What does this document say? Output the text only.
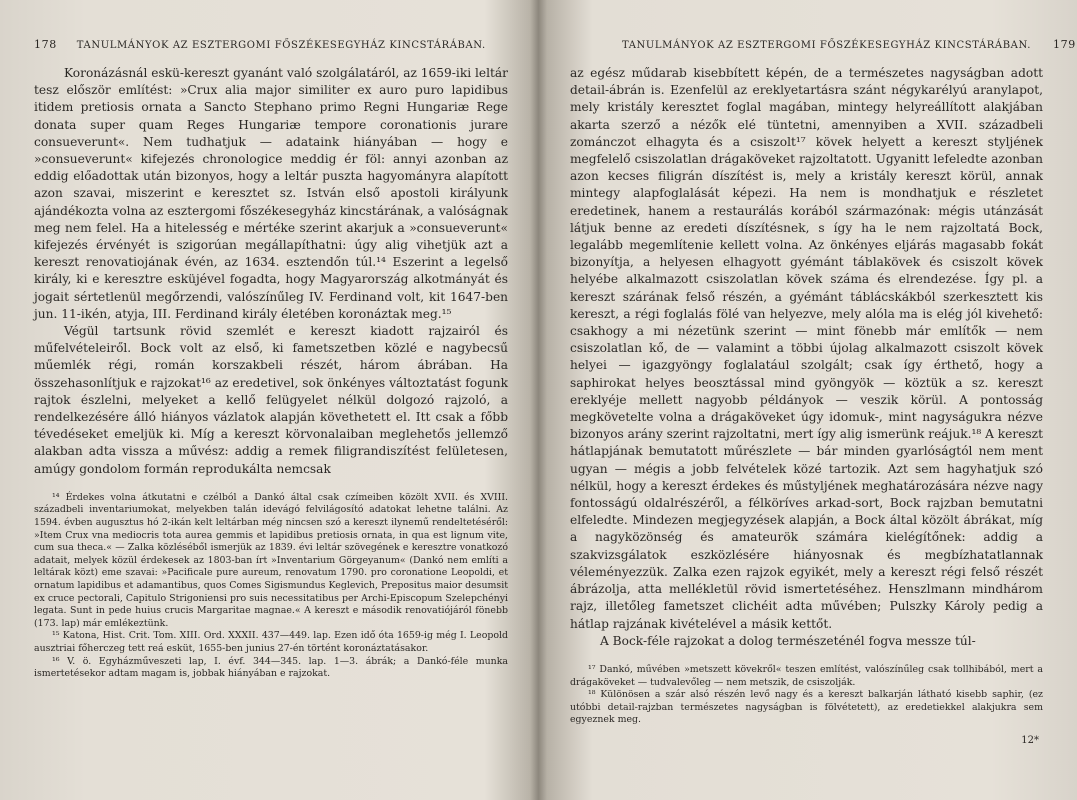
178 TANULMÁNYOK AZ ESZTERGOMI FŐSZÉKESEGYHÁZ KINCSTÁRÁBAN.

Koronázásnál eskü-kereszt gyanánt való szolgálatáról, az 1659-iki leltár tesz először említést: »Crux alia major similiter ex auro puro lapidibus itidem pretiosis ornata a Sancto Stephano primo Regni Hungariæ Rege donata super quam Reges Hungariæ tempore coronationis jurare consueverunt«. Nem tudhatjuk — adataink hiányában — hogy e »consueverunt« kifejezés chronologice meddig ér föl: annyi azonban az eddig előadottak után bizonyos, hogy a leltár puszta hagyományra alapított azon szavai, miszerint e keresztet sz. István első apostoli királyunk ajándékozta volna az esztergomi főszékesegyház kincstárának, a valóságnak meg nem felel. Ha a hitelesség e mértéke szerint akarjuk a »consueverunt« kifejezés érvényét is szigorúan megállapíthatni: úgy alig vihetjük azt a kereszt renovatiojának évén, az 1634. esztendőn túl.¹⁴ Eszerint a legelső király, ki e keresztre esküjével fogadta, hogy Magyarország alkotmányát és jogait sértetlenül megőrzendi, valószínűleg IV. Ferdinand volt, kit 1647-ben jun. 11-ikén, atyja, III. Ferdinand király életében koronáztak meg.¹⁵

Végül tartsunk rövid szemlét e kereszt kiadott rajzairól és műfelvételeiről. Bock volt az első, ki fametszetben közlé e nagybecsű műemlék régi, román korszakbeli részét, három ábrában. Ha összehasonlítjuk e rajzokat¹⁶ az eredetivel, sok önkényes változtatást fogunk rajtok észlelni, melyeket a kellő felügyelet nélkül dolgozó rajzoló, a rendelkezésére álló hiányos vázlatok alapján követhetett el. Itt csak a főbb tévedéseket emeljük ki. Míg a kereszt körvonalaiban meglehetős jellemző alakban adta vissza a művész: addig a remek filigrandiszítést felületesen, amúgy gondolom formán reprodukálta nemcsak

¹⁴ Érdekes volna átkutatni e czélból a Dankó által csak czímeiben közölt XVII. és XVIII. századbeli inventariumokat, melyekben talán idevágó felvilágosító adatokat lehetne találni. Az 1594. évben augusztus hó 2-ikán kelt leltárban még nincsen szó a kereszt ilynemű rendeltetéséről: »Item Crux vna mediocris tota aurea gemmis et lapidibus pretiosis ornata, in qua est lignum vite, cum sua theca.« — Zalka közléséből ismerjük az 1839. évi leltár szövegének e keresztre vonatkozó adatait, melyek közül érdekesek az 1803-ban írt »Inventarium Görgeyanum« (Dankó nem említi a leltárak közt) eme szavai: »Pacificale pure aureum, renovatum 1790. pro coronatione Leopoldi, et ornatum lapidibus et adamantibus, quos Comes Sigismundus Keglevich, Prepositus maior desumsit ex cruce pectorali, Capitulo Strigoniensi pro suis necessitatibus per Archi-Episcopum Szelepchényi legata. Sunt in pede huius crucis Margaritae magnae.« A kereszt e második renovatiójáról fönebb (173. lap) már emlékeztünk.

¹⁵ Katona, Hist. Crit. Tom. XIII. Ord. XXXII. 437—449. lap. Ezen idő óta 1659-ig még I. Leopold ausztriai főherczeg tett reá esküt, 1655-ben junius 27-én történt koronáztatásakor.

¹⁶ V. ö. Egyházműveszeti lap, I. évf. 344—345. lap. 1—3. ábrák; a Dankó-féle munka ismertetésekor adtam magam is, jobbak hiányában e rajzokat.

TANULMÁNYOK AZ ESZTERGOMI FŐSZÉKESEGYHÁZ KINCSTÁRÁBAN. 179

az egész műdarab kisebbített képén, de a természetes nagyságban adott detail-ábrán is. Ezenfelül az ereklyetartásra szánt négykarélyú aranylapot, mely kristály keresztet foglal magában, mintegy helyreállított alakjában akarta szerző a nézők elé tüntetni, amennyiben a XVII. századbeli zománczot elhagyta és a csiszolt¹⁷ kövek helyett a kereszt styljének megfelelő csiszolatlan drágaköveket rajzoltatott. Ugyanitt lefeledte azonban azon kecses filigrán díszítést is, mely a kristály kereszt körül, annak mintegy alapfoglalását képezi. Ha nem is mondhatjuk e részletet eredetinek, hanem a restaurálás korából származónak: mégis utánzását látjuk benne az eredeti díszítésnek, s így ha le nem rajzoltatá Bock, legalább megemlítenie kellett volna. Az önkényes eljárás magasabb fokát bizonyítja, a helyesen elhagyott gyémánt táblakövek és csiszolt kövek helyébe alkalmazott csiszolatlan kövek száma és elrendezése. Így pl. a kereszt szárának felső részén, a gyémánt táblácskákból szerkesztett kis kereszt, a régi foglalás fölé van helyezve, mely alóla ma is elég jól kivehető: csakhogy a mi nézetünk szerint — mint fönebb már említők — nem csiszolatlan kő, de — valamint a többi újolag alkalmazott csiszolt kövek helyei — igazgyöngy foglalatául szolgált; csak így érthető, hogy a saphirokat helyes beosztással mind gyöngyök — köztük a sz. kereszt ereklyéje mellett nagyobb példányok — veszik körül. A pontosság megkövetelte volna a drágaköveket úgy idomuk-, mint nagyságukra nézve bizonyos arány szerint rajzoltatni, mert így alig ismerünk reájuk.¹⁸ A kereszt hátlapjának bemutatott műrészlete — bár minden gyarlóságtól nem ment ugyan — mégis a jobb felvételek közé tartozik. Azt sem hagyhatjuk szó nélkül, hogy a kereszt érdekes és műstyljének meghatározására nézve nagy fontosságú oldalrészéről, a félköríves arkad-sort, Bock rajzban bemutatni elfeledte. Mindezen megjegyzések alapján, a Bock által közölt ábrákat, míg a nagyközönség és amateurök számára kielégítőnek: addig a szakvizsgálatok eszközlésére hiányosnak és megbízhatatlannak véleményezzük. Zalka ezen rajzok egyikét, mely a kereszt régi felső részét ábrázolja, atta mellékletül rövid ismertetéséhez. Henszlmann mindhárom rajz, illetőleg fametszet clichéit adta művében; Pulszky Károly pedig a hátlap rajzának kivételével a másik kettőt.

A Bock-féle rajzokat a dolog természeténél fogva messze túl-

¹⁷ Dankó, művében »metszett kövekről« teszen említést, valószínűleg csak tollhibából, mert a drágaköveket — tudvalevőleg — nem metszik, de csiszolják.

¹⁸ Különösen a szár alsó részén levő nagy és a kereszt balkarján látható kisebb saphir, (ez utóbbi detail-rajzban természetes nagyságban is fölvétetett), az eredetiekkel alakjukra sem egyeznek meg.

12*
